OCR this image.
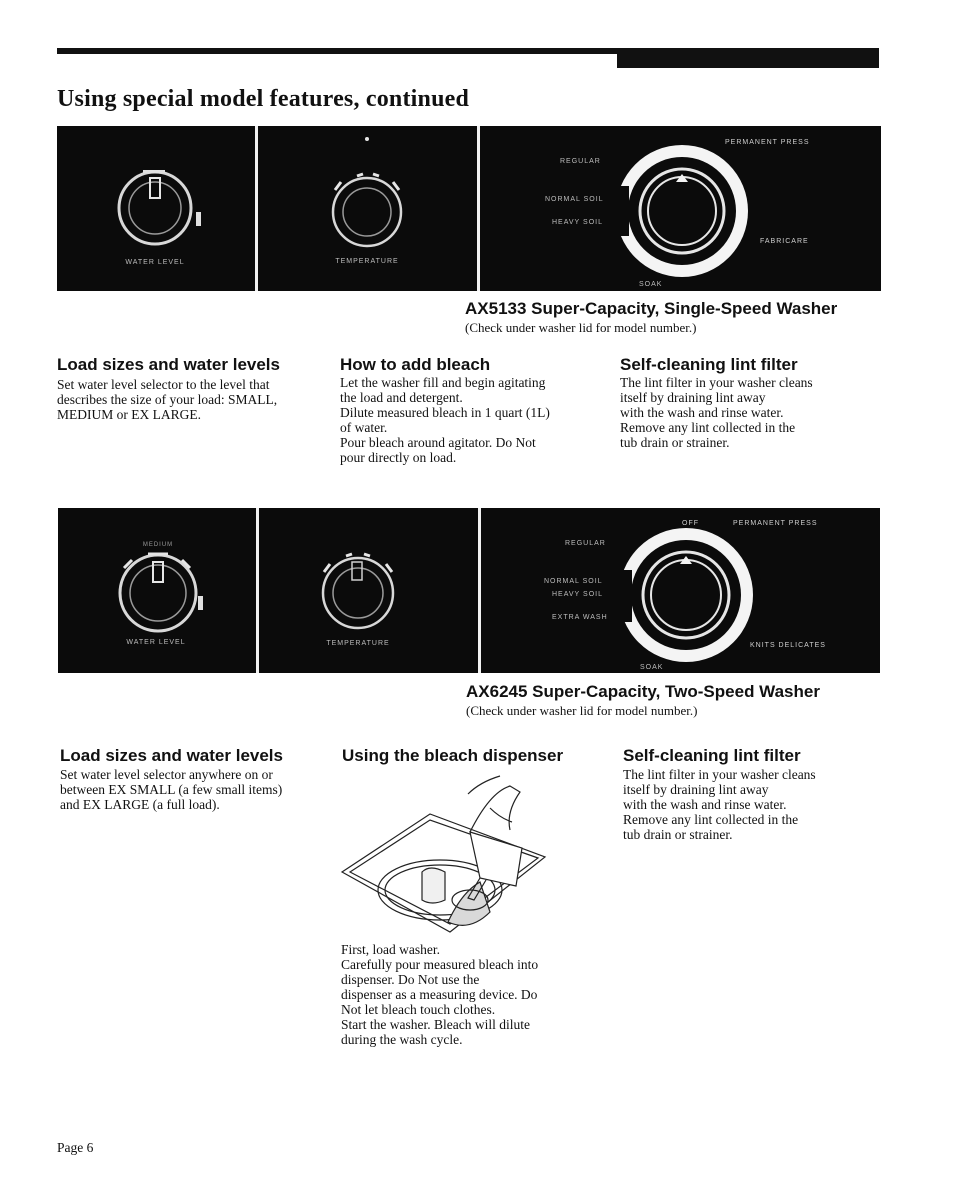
Using special model features, continued
WATER LEVEL	TEMPERATURE
REGULAR
NORMAL SOIL
HEAVY SOIL
PERMANENT PRESS
FABRICARE
SOAK
AX5133 Super-Capacity, Single-Speed Washer
(Check under washer lid for model number.)
Load sizes and water levels
Set water level selector to the level that
describes the size of your load: SMALL,
MEDIUM or EX LARGE.
How to add bleach
Let the washer fill and begin agitating
the load and detergent.
Dilute measured bleach in 1 quart (1L)
of water.
Pour bleach around agitator. Do Not
pour directly on load.
Self-cleaning lint filter
The lint filter in your washer cleans
itself by draining lint away
with the wash and rinse water.
Remove any lint collected in the
tub drain or strainer.
MEDIUM
WATER LEVEL	TEMPERATURE
OFF	PERMANENT PRESS
REGULAR
NORMAL SOIL
HEAVY SOIL
EXTRA WASH
KNITS DELICATES
SOAK
AX6245 Super-Capacity, Two-Speed Washer
(Check under washer lid for model number.)
Load sizes and water levels
Set water level selector anywhere on or
between EX SMALL (a few small items)
and EX LARGE (a full load).
Using the bleach dispenser
First, load washer.
Carefully pour measured bleach into
dispenser. Do Not use the
dispenser as a measuring device. Do
Not let bleach touch clothes.
Start the washer. Bleach will dilute
during the wash cycle.
Self-cleaning lint filter
The lint filter in your washer cleans
itself by draining lint away
with the wash and rinse water.
Remove any lint collected in the
tub drain or strainer.
Page 6
